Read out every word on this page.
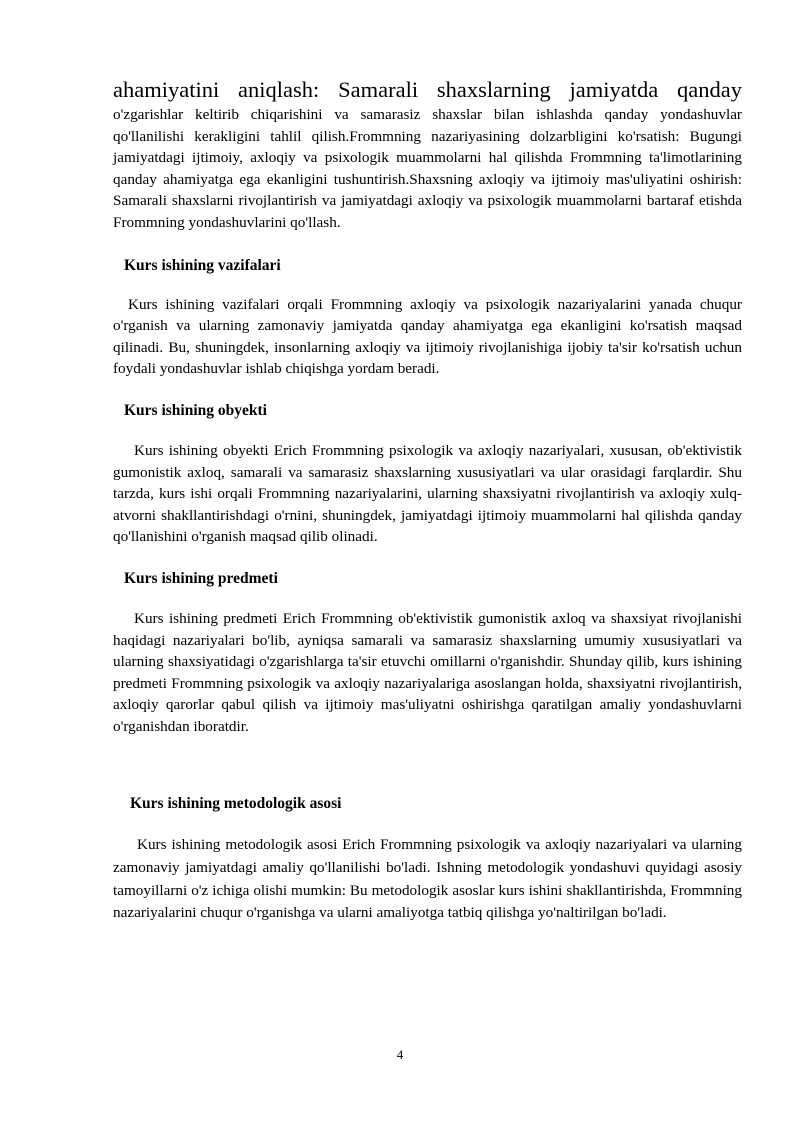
ahamiyatini aniqlash: Samarali shaxslarning jamiyatda qanday

o'zgarishlar keltirib chiqarishini va samarasiz shaxslar bilan ishlashda qanday yondashuvlar qo'llanilishi kerakligini tahlil qilish.Frommning nazariyasining dolzarbligini ko'rsatish: Bugungi jamiyatdagi ijtimoiy, axloqiy va psixologik muammolarni hal qilishda Frommning ta'limotlarining qanday ahamiyatga ega ekanligini tushuntirish.Shaxsning axloqiy va ijtimoiy mas'uliyatini oshirish: Samarali shaxslarni rivojlantirish va jamiyatdagi axloqiy va psixologik muammolarni bartaraf etishda Frommning yondashuvlarini qo'llash.

Kurs ishining vazifalari

Kurs ishining vazifalari orqali Frommning axloqiy va psixologik nazariyalarini yanada chuqur o'rganish va ularning zamonaviy jamiyatda qanday ahamiyatga ega ekanligini ko'rsatish maqsad qilinadi. Bu, shuningdek, insonlarning axloqiy va ijtimoiy rivojlanishiga ijobiy ta'sir ko'rsatish uchun foydali yondashuvlar ishlab chiqishga yordam beradi.

Kurs ishining obyekti

Kurs ishining obyekti Erich Frommning psixologik va axloqiy nazariyalari, xususan, ob'ektivistik gumonistik axloq, samarali va samarasiz shaxslarning xususiyatlari va ular orasidagi farqlardir. Shu tarzda, kurs ishi orqali Frommning nazariyalarini, ularning shaxsiyatni rivojlantirish va axloqiy xulq-atvorni shakllantirishdagi o'rnini, shuningdek, jamiyatdagi ijtimoiy muammolarni hal qilishda qanday qo'llanishini o'rganish maqsad qilib olinadi.

Kurs ishining predmeti

Kurs ishining predmeti Erich Frommning ob'ektivistik gumonistik axloq va shaxsiyat rivojlanishi haqidagi nazariyalari bo'lib, ayniqsa samarali va samarasiz shaxslarning umumiy xususiyatlari va ularning shaxsiyatidagi o'zgarishlarga ta'sir etuvchi omillarni o'rganishdir. Shunday qilib, kurs ishining predmeti Frommning psixologik va axloqiy nazariyalariga asoslangan holda, shaxsiyatni rivojlantirish, axloqiy qarorlar qabul qilish va ijtimoiy mas'uliyatni oshirishga qaratilgan amaliy yondashuvlarni o'rganishdan iboratdir.

Kurs ishining metodologik asosi

Kurs ishining metodologik asosi Erich Frommning psixologik va axloqiy nazariyalari va ularning zamonaviy jamiyatdagi amaliy qo'llanilishi bo'ladi. Ishning metodologik yondashuvi quyidagi asosiy tamoyillarni o'z ichiga olishi mumkin: Bu metodologik asoslar kurs ishini shakllantirishda, Frommning nazariyalarini chuqur o'rganishga va ularni amaliyotga tatbiq qilishga yo'naltirilgan bo'ladi.

4
